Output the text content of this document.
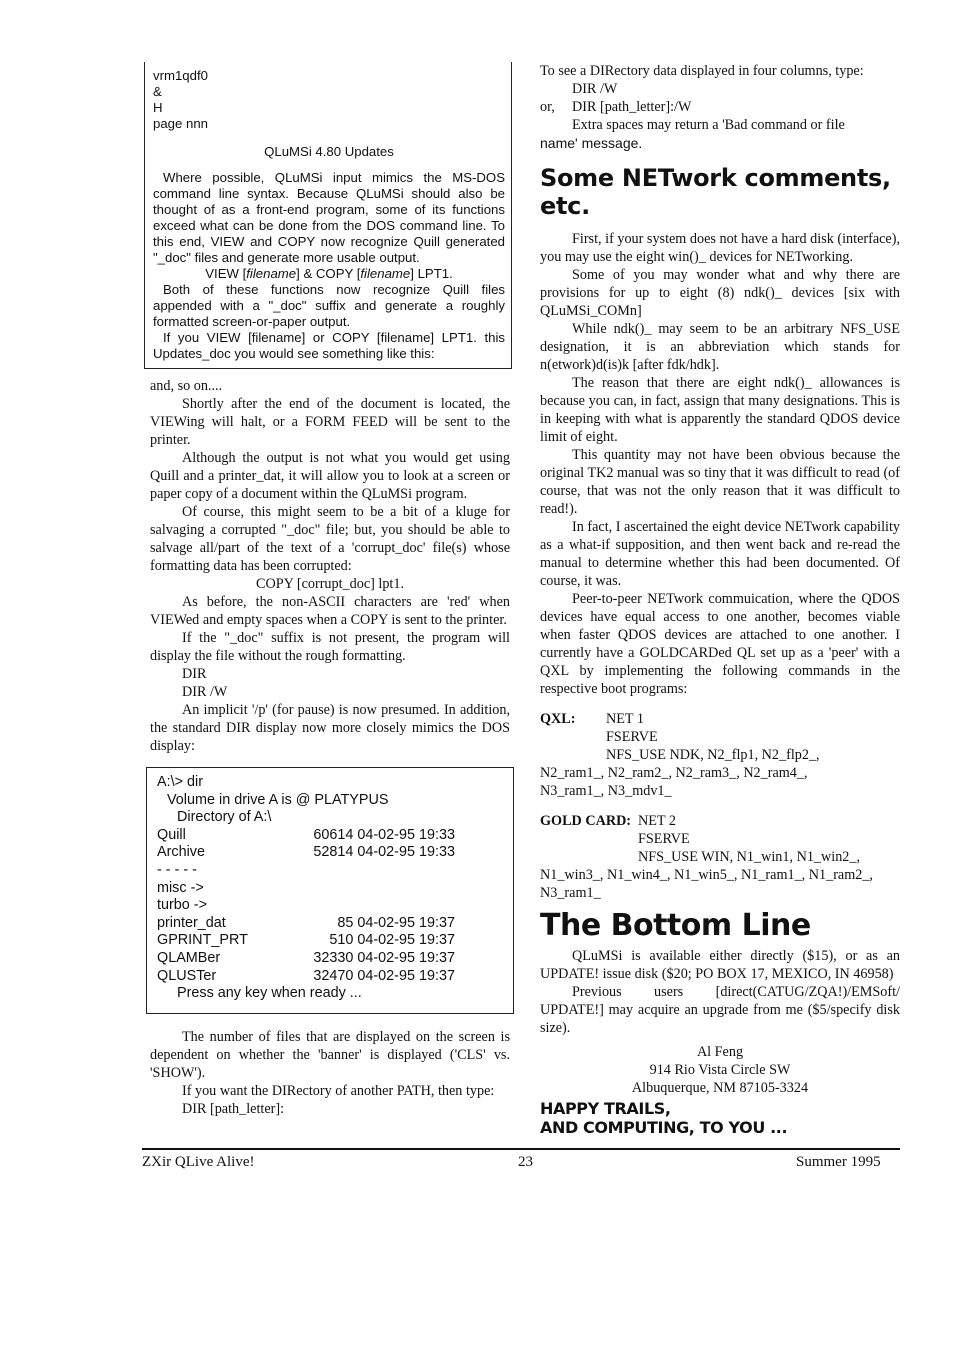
vrm1qdf0

&

H

page nnn

QLuMSi 4.80 Updates

Where possible, QLuMSi input mimics the MS-DOS command line syntax. Because QLuMSi should also be thought of as a front-end program, some of its functions exceed what can be done from the DOS command line. To this end, VIEW and COPY now recognize Quill generated "_doc" files and generate more usable output.

VIEW [filename] & COPY [filename] LPT1.

Both of these functions now recognize Quill files appended with a "_doc" suffix and generate a roughly formatted screen-or-paper output.

If you VIEW [filename] or COPY [filename] LPT1. this Updates_doc you would see something like this:

and, so on....

Shortly after the end of the document is located, the VIEWing will halt, or a FORM FEED will be sent to the printer.

Although the output is not what you would get using Quill and a printer_dat, it will allow you to look at a screen or paper copy of a document within the QLuMSi program.

Of course, this might seem to be a bit of a kluge for salvaging a corrupted "_doc" file; but, you should be able to salvage all/part of the text of a 'corrupt_doc' file(s) whose formatting data has been corrupted:

COPY [corrupt_doc] lpt1.

As before, the non-ASCII characters are 'red' when VIEWed and empty spaces when a COPY is sent to the printer.

If the "_doc" suffix is not present, the program will display the file without the rough formatting.

DIR

DIR /W

An implicit '/p' (for pause) is now presumed. In addition, the standard DIR display now more closely mimics the DOS display:

A:\> dir

Volume in drive A is @ PLATYPUS

Directory of A:\

Quill	60614 04-02-95 19:33
Archive	52814 04-02-95 19:33

- - - - -

misc ->

turbo ->

printer_dat	85 04-02-95 19:37
GPRINT_PRT	510 04-02-95 19:37
QLAMBer	32330 04-02-95 19:37
QLUSTer	32470 04-02-95 19:37

Press any key when ready ...

The number of files that are displayed on the screen is dependent on whether the 'banner' is displayed ('CLS' vs. 'SHOW').

If you want the DIRectory of another PATH, then type:

DIR [path_letter]:

To see a DIRectory data displayed in four columns, type:

DIR /W

or, DIR [path_letter]:/W

Extra spaces may return a 'Bad command or file

name' message.

Some NETwork comments, etc.

First, if your system does not have a hard disk (interface), you may use the eight win()_ devices for NETworking.

Some of you may wonder what and why there are provisions for up to eight (8) ndk()_ devices [six with QLuMSi_COMn]

While ndk()_ may seem to be an arbitrary NFS_USE designation, it is an abbreviation which stands for n(etwork)d(is)k [after fdk/hdk].

The reason that there are eight ndk()_ allowances is because you can, in fact, assign that many designations. This is in keeping with what is apparently the standard QDOS device limit of eight.

This quantity may not have been obvious because the original TK2 manual was so tiny that it was difficult to read (of course, that was not the only reason that it was difficult to read!).

In fact, I ascertained the eight device NETwork capability as a what-if supposition, and then went back and re-read the manual to determine whether this had been documented. Of course, it was.

Peer-to-peer NETwork commuication, where the QDOS devices have equal access to one another, becomes viable when faster QDOS devices are attached to one another. I currently have a GOLDCARDed QL set up as a 'peer' with a QXL by implementing the following commands in the respective boot programs:

QXL: NET 1

FSERVE

NFS_USE NDK, N2_flp1, N2_flp2_,

N2_ram1_, N2_ram2_, N2_ram3_, N2_ram4_,

N3_ram1_, N3_mdv1_

GOLD CARD: NET 2

FSERVE

NFS_USE WIN, N1_win1, N1_win2_,

N1_win3_, N1_win4_, N1_win5_, N1_ram1_, N1_ram2_,

N3_ram1_

The Bottom Line

QLuMSi is available either directly ($15), or as an UPDATE! issue disk ($20; PO BOX 17, MEXICO, IN 46958)

Previous users [direct(CATUG/ZQA!)/EMSoft/ UPDATE!] may acquire an upgrade from me ($5/specify disk size).

Al Feng

914 Rio Vista Circle SW

Albuquerque, NM 87105-3324

HAPPY TRAILS,

AND COMPUTING, TO YOU ...

ZXir QLive Alive!	23	Summer 1995
